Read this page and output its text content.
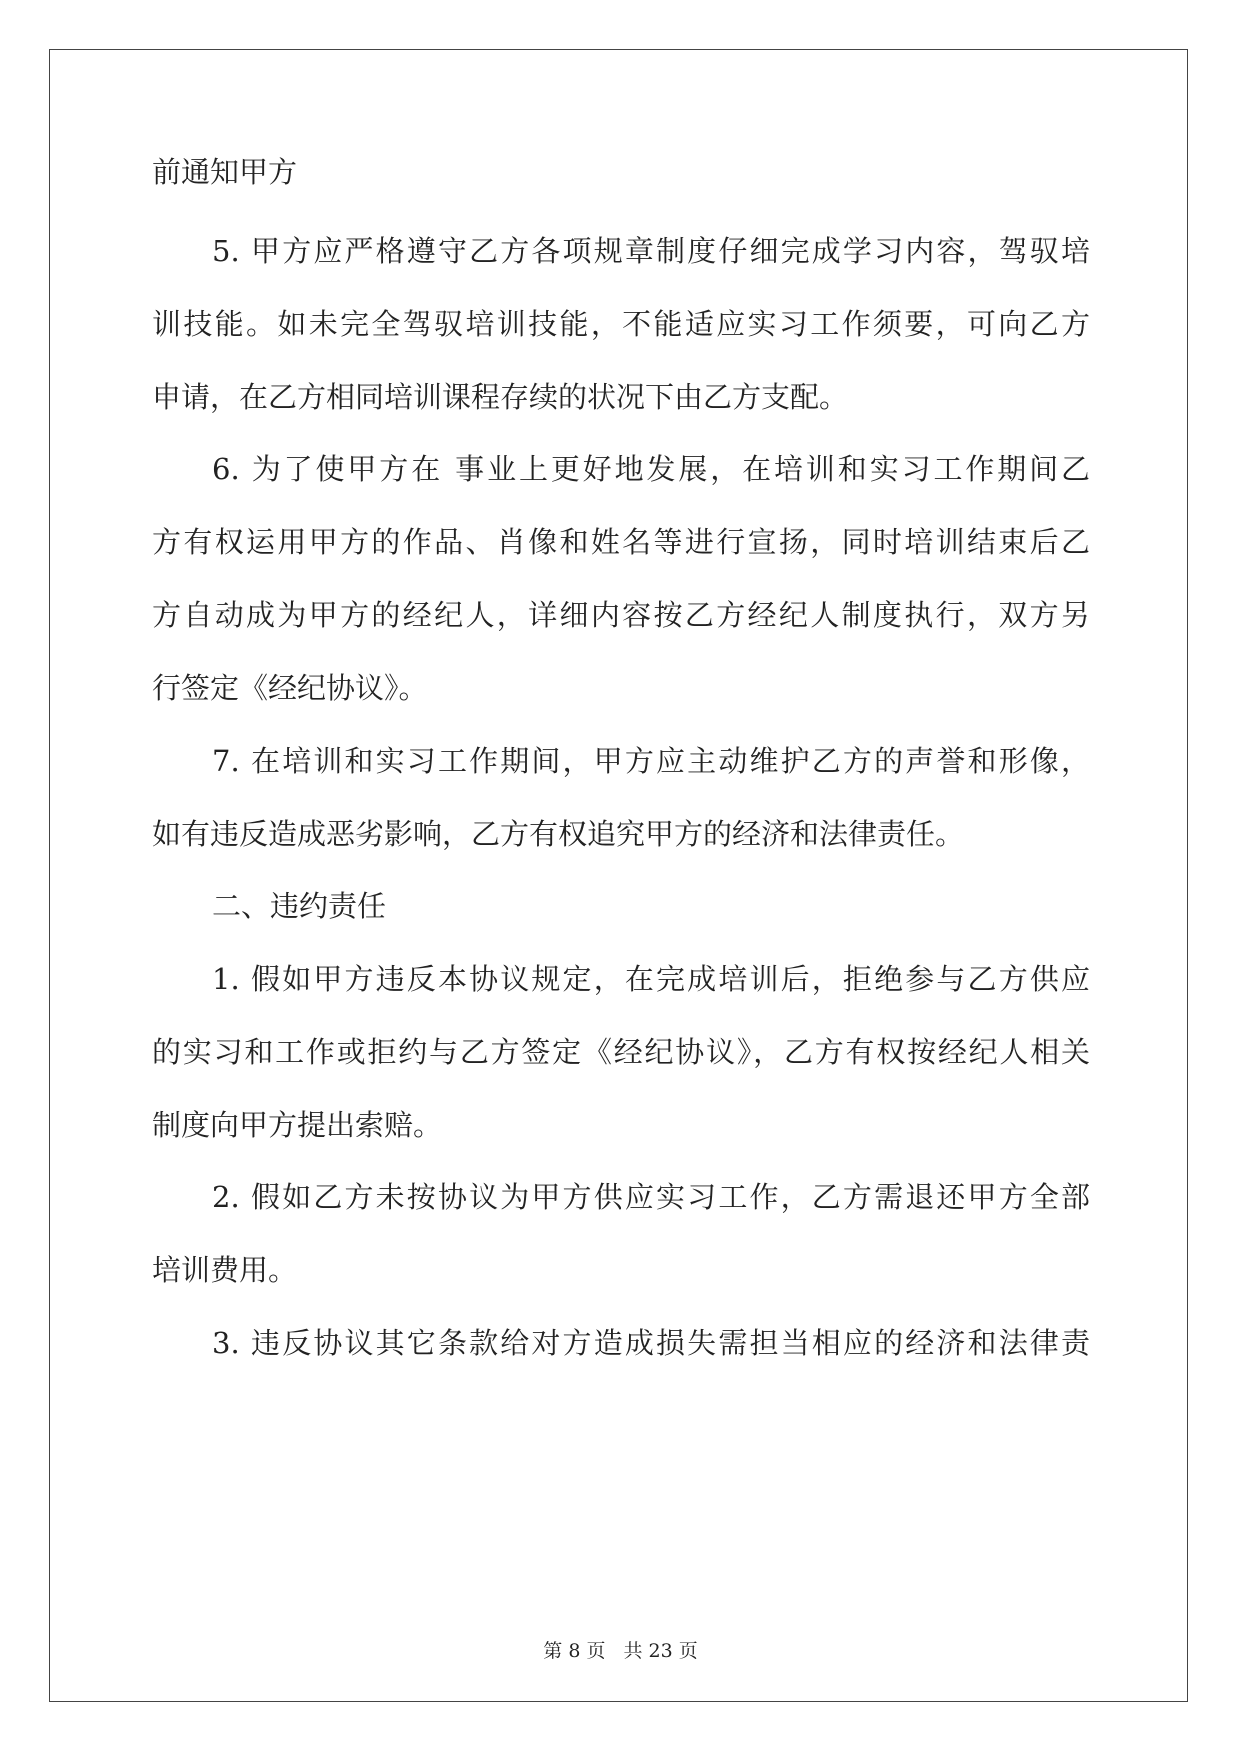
前通知甲方
5. 甲方应严格遵守乙方各项规章制度仔细完成学习内容，驾驭培
训技能。如未完全驾驭培训技能，不能适应实习工作须要，可向乙方
申请，在乙方相同培训课程存续的状况下由乙方支配。
6. 为了使甲方在 事业上更好地发展，在培训和实习工作期间乙
方有权运用甲方的作品、肖像和姓名等进行宣扬，同时培训结束后乙
方自动成为甲方的经纪人，详细内容按乙方经纪人制度执行，双方另
行签定《经纪协议》。
7. 在培训和实习工作期间，甲方应主动维护乙方的声誉和形像，
如有违反造成恶劣影响，乙方有权追究甲方的经济和法律责任。
二、违约责任
1. 假如甲方违反本协议规定，在完成培训后，拒绝参与乙方供应
的实习和工作或拒约与乙方签定《经纪协议》，乙方有权按经纪人相关
制度向甲方提出索赔。
2. 假如乙方未按协议为甲方供应实习工作，乙方需退还甲方全部
培训费用。
3. 违反协议其它条款给对方造成损失需担当相应的经济和法律责
第 8 页 共 23 页
